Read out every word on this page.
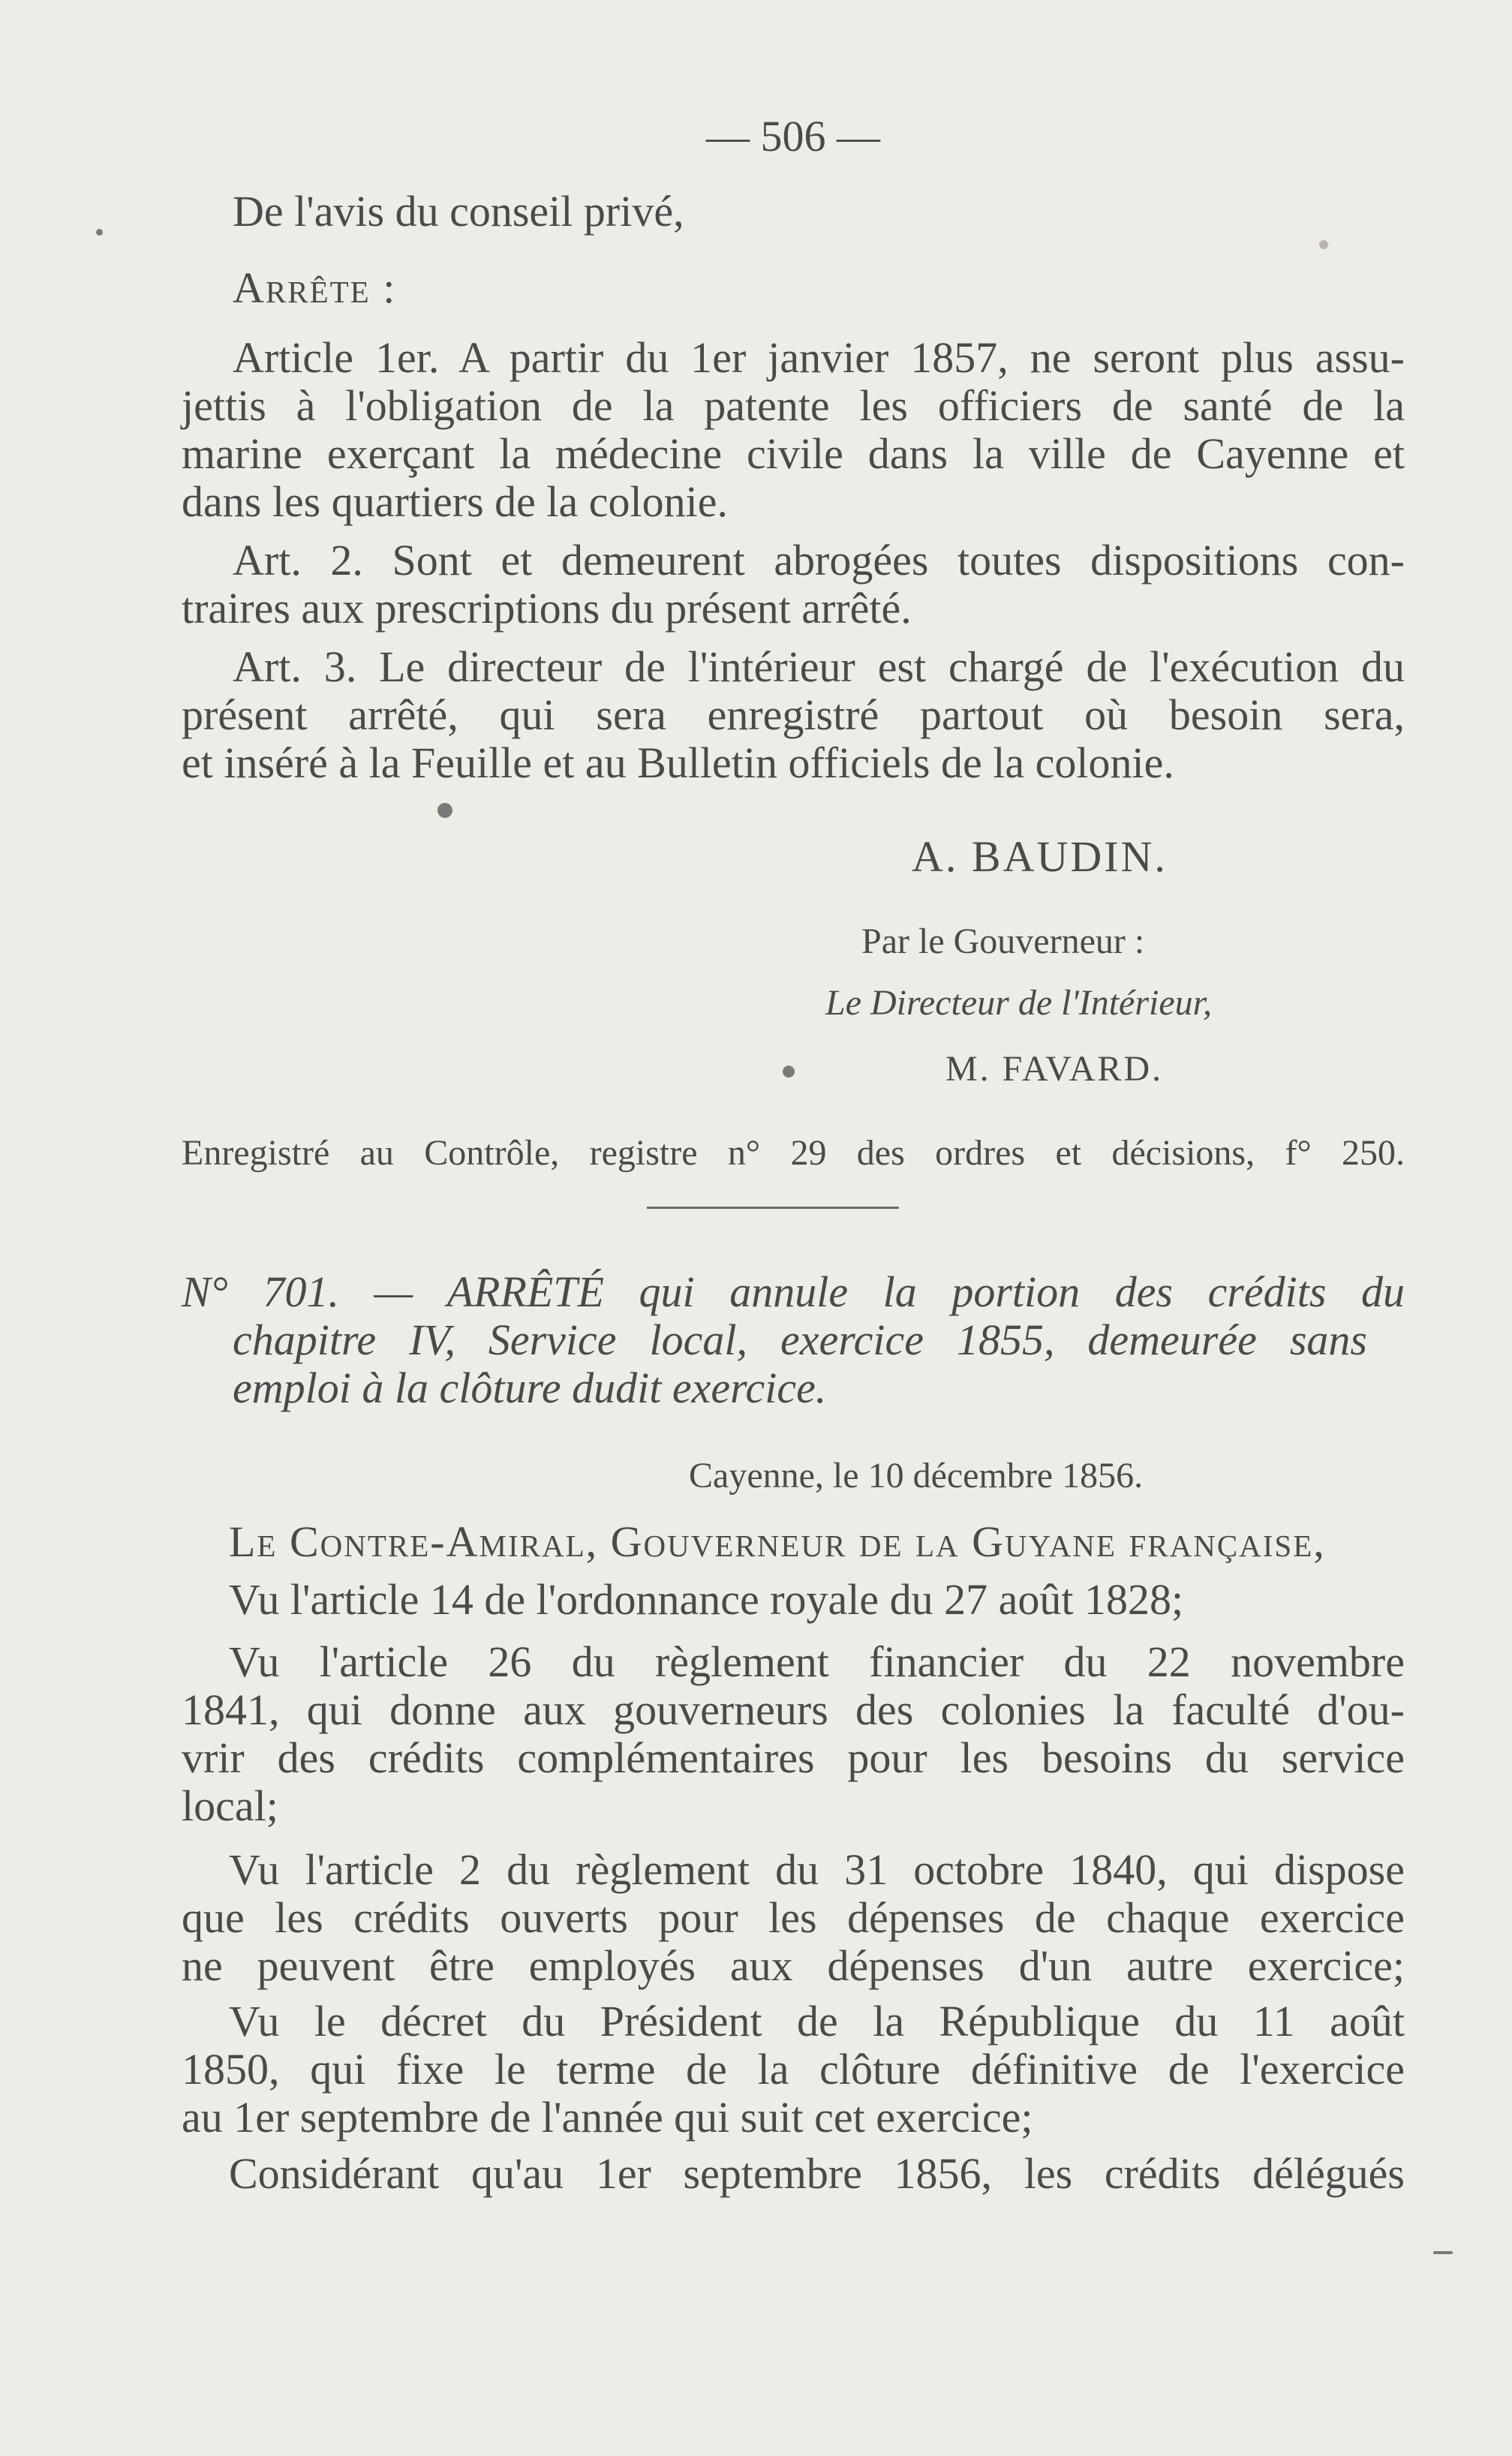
— 506 —
De l'avis du conseil privé,
Arrête :
Article 1er. A partir du 1er janvier 1857, ne seront plus assu-
jettis à l'obligation de la patente les officiers de santé de la
marine exerçant la médecine civile dans la ville de Cayenne et
dans les quartiers de la colonie.
Art. 2. Sont et demeurent abrogées toutes dispositions con-
traires aux prescriptions du présent arrêté.
Art. 3. Le directeur de l'intérieur est chargé de l'exécution du
présent arrêté, qui sera enregistré partout où besoin sera,
et inséré à la Feuille et au Bulletin officiels de la colonie.
A. BAUDIN.
Par le Gouverneur :
Le Directeur de l'Intérieur,
M. FAVARD.
Enregistré au Contrôle, registre n° 29 des ordres et décisions, f° 250.
N° 701. — ARRÊTÉ qui annule la portion des crédits du
chapitre IV, Service local, exercice 1855, demeurée sans
emploi à la clôture dudit exercice.
Cayenne, le 10 décembre 1856.
Le Contre-Amiral, Gouverneur de la Guyane française,
Vu l'article 14 de l'ordonnance royale du 27 août 1828;
Vu l'article 26 du règlement financier du 22 novembre
1841, qui donne aux gouverneurs des colonies la faculté d'ou-
vrir des crédits complémentaires pour les besoins du service
local;
Vu l'article 2 du règlement du 31 octobre 1840, qui dispose
que les crédits ouverts pour les dépenses de chaque exercice
ne peuvent être employés aux dépenses d'un autre exercice;
Vu le décret du Président de la République du 11 août
1850, qui fixe le terme de la clôture définitive de l'exercice
au 1er septembre de l'année qui suit cet exercice;
Considérant qu'au 1er septembre 1856, les crédits délégués
